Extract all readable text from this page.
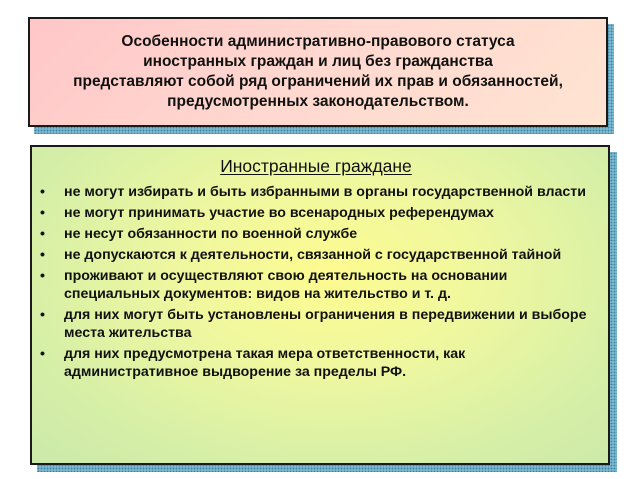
Особенности административно-правового статуса
иностранных граждан и лиц без гражданства
представляют собой ряд ограничений их прав и обязанностей,
предусмотренных законодательством.
Иностранные граждане
• не могут избирать и быть избранными в органы государственной власти
• не могут принимать участие во всенародных референдумах
• не несут обязанности по военной службе
• не допускаются к деятельности, связанной с государственной тайной
• проживают и осуществляют свою деятельность на основании специальных документов: видов на жительство и т. д.
• для них могут быть установлены ограничения в передвижении и выборе места жительства
• для них предусмотрена такая мера ответственности, как административное выдворение за пределы РФ.
